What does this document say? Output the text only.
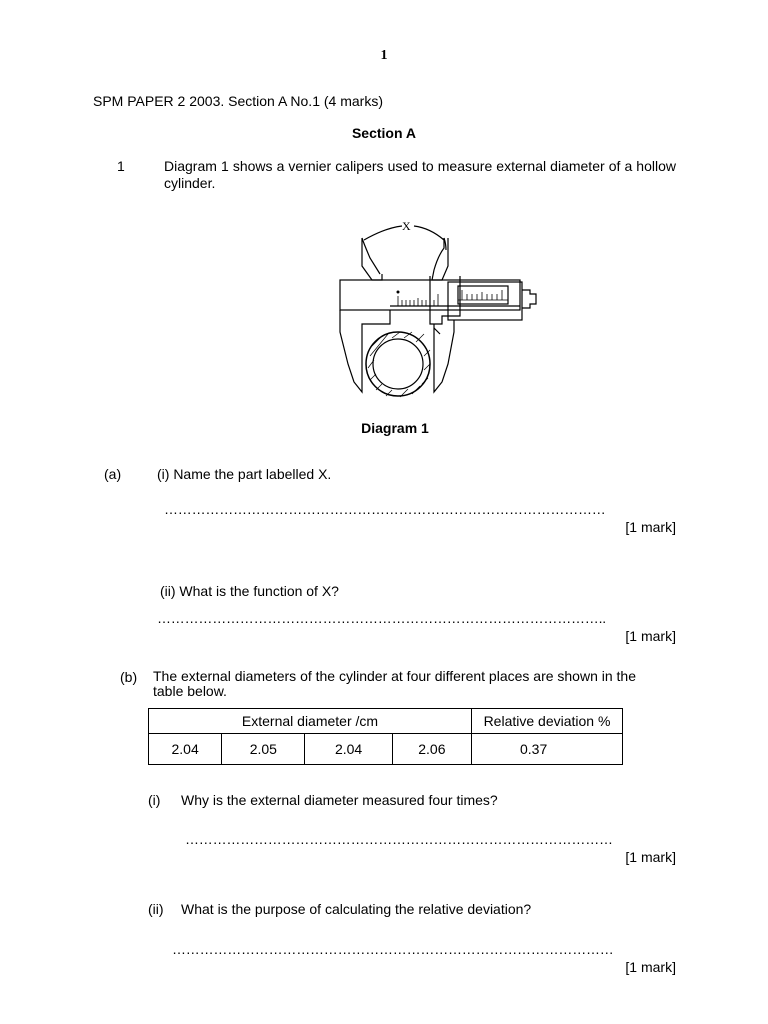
1
SPM PAPER 2 2003. Section A No.1 (4 marks)
Section A
1	Diagram 1 shows a vernier calipers used to measure external diameter of a hollow cylinder.
X
Diagram 1
(a)	(i) Name the part labelled X.
……………………………………………………………………………………
[1 mark]
(ii) What is the function of X?
……………………………………………………………………………………..
[1 mark]
(b) The external diameters of the cylinder at four different places are shown in the table below.
External diameter /cm				Relative deviation %
2.04	2.05	2.04	2.06	0.37
(i) Why is the external diameter measured four times?
…………………………………………………………………………………
[1 mark]
(ii) What is the purpose of calculating the relative deviation?
……………………………………………………………………………………
[1 mark]
